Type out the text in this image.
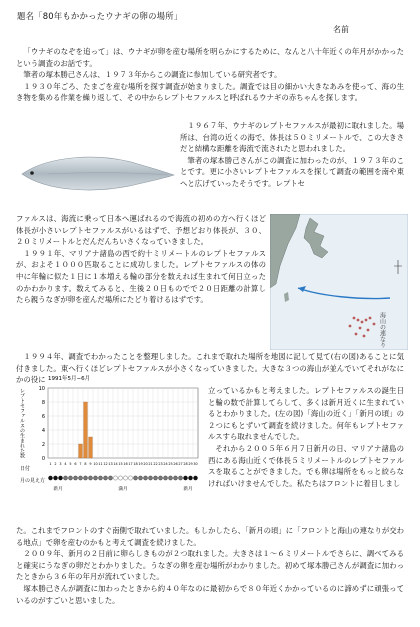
題名「80年もかかったウナギの卵の場所」
名前

「ウナギのなぞを追って」は、ウナギが卵を産む場所を明らかにするために、なんと八十年近くの年月がかかったという調査のお話です。

筆者の塚本勝己さんは、１９７３年からこの調査に参加している研究者です。

１９３０年ごろ、たまごを産む場所を探す調査が始まりました。調査では目の細かい大きなあみを使って、海の生き物を集める作業を繰り返して、その中からレプトセファルスと呼ばれるウナギの赤ちゃんを探します。

１９６７年、ウナギのレプトセファルスが最初に取れました。場所は、台湾の近くの海で、体長は５０ミリメートルで、この大きさだと結構な距離を海流で流されたと思われました。

筆者の塚本勝己さんがこの調査に加わったのが、１９７３年のことです。更に小さいレプトセファルスを探して調査の範囲を南や東へと広げていったそうです。レプトセ

海山の連なり

ファルスは、海流に乗って日本へ運ばれるので海流の初めの方へ行くほど体長が小さいレプトセファルスがいるはずで、予想どおり体長が、３０、２０ミリメートルとだんだんちいさくなっていきました。

１９９１年、マリアナ諸島の西で約十ミリメートルのレプトセファルスが、およそ１０００匹取ることに成功しました。レプトセファルスの体の中に年輪に似た１日に１本増える輪の部分を数えれば生まれて何日立ったのかわかります。数えてみると、生後２０日ものでで２０日距離の計算したら親うなぎが卵を産んだ場所にたどり着けるはずです。

１９９４年、調査でわかったことを整理しました。これまで取れた場所を地図に記して見て(右の図)あることに気付きました。東へ行くほどレプトセファルスが小さくなっていきました。大きな３つの海山が並んでいてそれがなにかの役に 1991年5月−6月
レプトセファルスの生まれた数
0
2
4
6
8
10
1 2 3 4 5 6 7 8 9 10 11 12 13 14 15 16 17 18 19 20 21 22 23 24 25 26 27 28 29 30
日付
月の見え方
新月	満月	新月

立っているかもと考えました。レプトセファルスの誕生日と輪の数で計算してらして、多くは新月近くに生まれているとわかりました。(左の図)「海山の近く」「新月の頃」の２つにもとずいて調査を続けました。何年もレプトセファルスすら取れませんでした。

それから２００５年６月７日新月の日、マリアナ諸島の西にある海山近くで体長５ミリメートルのレプトセファルスを取ることができました。でも卵は場所をもっと絞らなければいけませんでした。私たちはフロントに着目しまし

た。これまでフロントのすぐ南側で取れていました。もしかしたら、「新月の頃」に「フロントと海山の連なりが交わる地点」で卵を産むのかもと考えて調査を続けました。

２００９年、新月の２日前に卵らしきものが２つ取れました。大きさは１～６ミリメートルでさらに、調べてみると確実にうなぎの卵だとわかりました。うなぎの卵を産む場所がわかりました。初めて塚本勝己さんが調査に加わったときから３６年の年月が流れていました。

塚本勝己さんが調査に加わったときから約４０年なのに最初からで８０年近くかかっているのに諦めずに頑張っているのがすごいと思いました。
